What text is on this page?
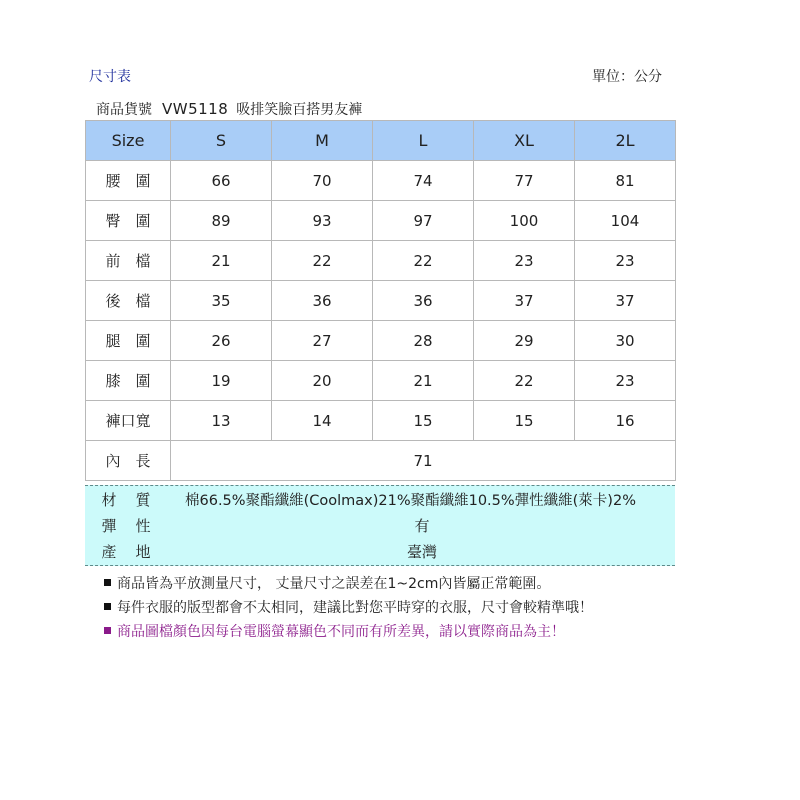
尺寸表	單位：公分
商品貨號 VW5118 吸排笑臉百搭男友褲
Size	S	M	L	XL	2L
腰　圍	66	70	74	77	81
臀　圍	89	93	97	100	104
前　檔	21	22	22	23	23
後　檔	35	36	36	37	37
腿　圍	26	27	28	29	30
膝　圍	19	20	21	22	23
褲口寬	13	14	15	15	16
內　長	71				
材　質	棉66.5%聚酯纖維(Coolmax)21%聚酯纖維10.5%彈性纖維(萊卡)2%
彈　性	有
產　地	臺灣
商品皆為平放測量尺寸， 丈量尺寸之誤差在1~2cm內皆屬正常範圍。
每件衣服的版型都會不太相同，建議比對您平時穿的衣服，尺寸會較精準哦！
商品圖檔顏色因每台電腦螢幕顯色不同而有所差異，請以實際商品為主！
